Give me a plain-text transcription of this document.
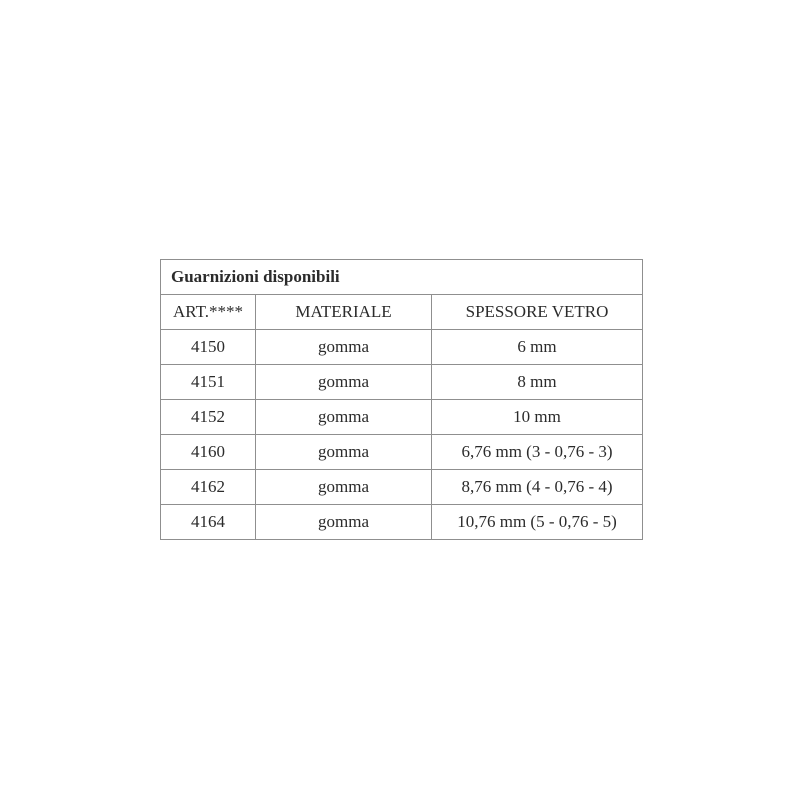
Guarnizioni disponibili		
ART.****	MATERIALE	SPESSORE VETRO
4150	gomma	6 mm
4151	gomma	8 mm
4152	gomma	10 mm
4160	gomma	6,76 mm (3 - 0,76 - 3)
4162	gomma	8,76 mm (4 - 0,76 - 4)
4164	gomma	10,76 mm (5 - 0,76 - 5)
